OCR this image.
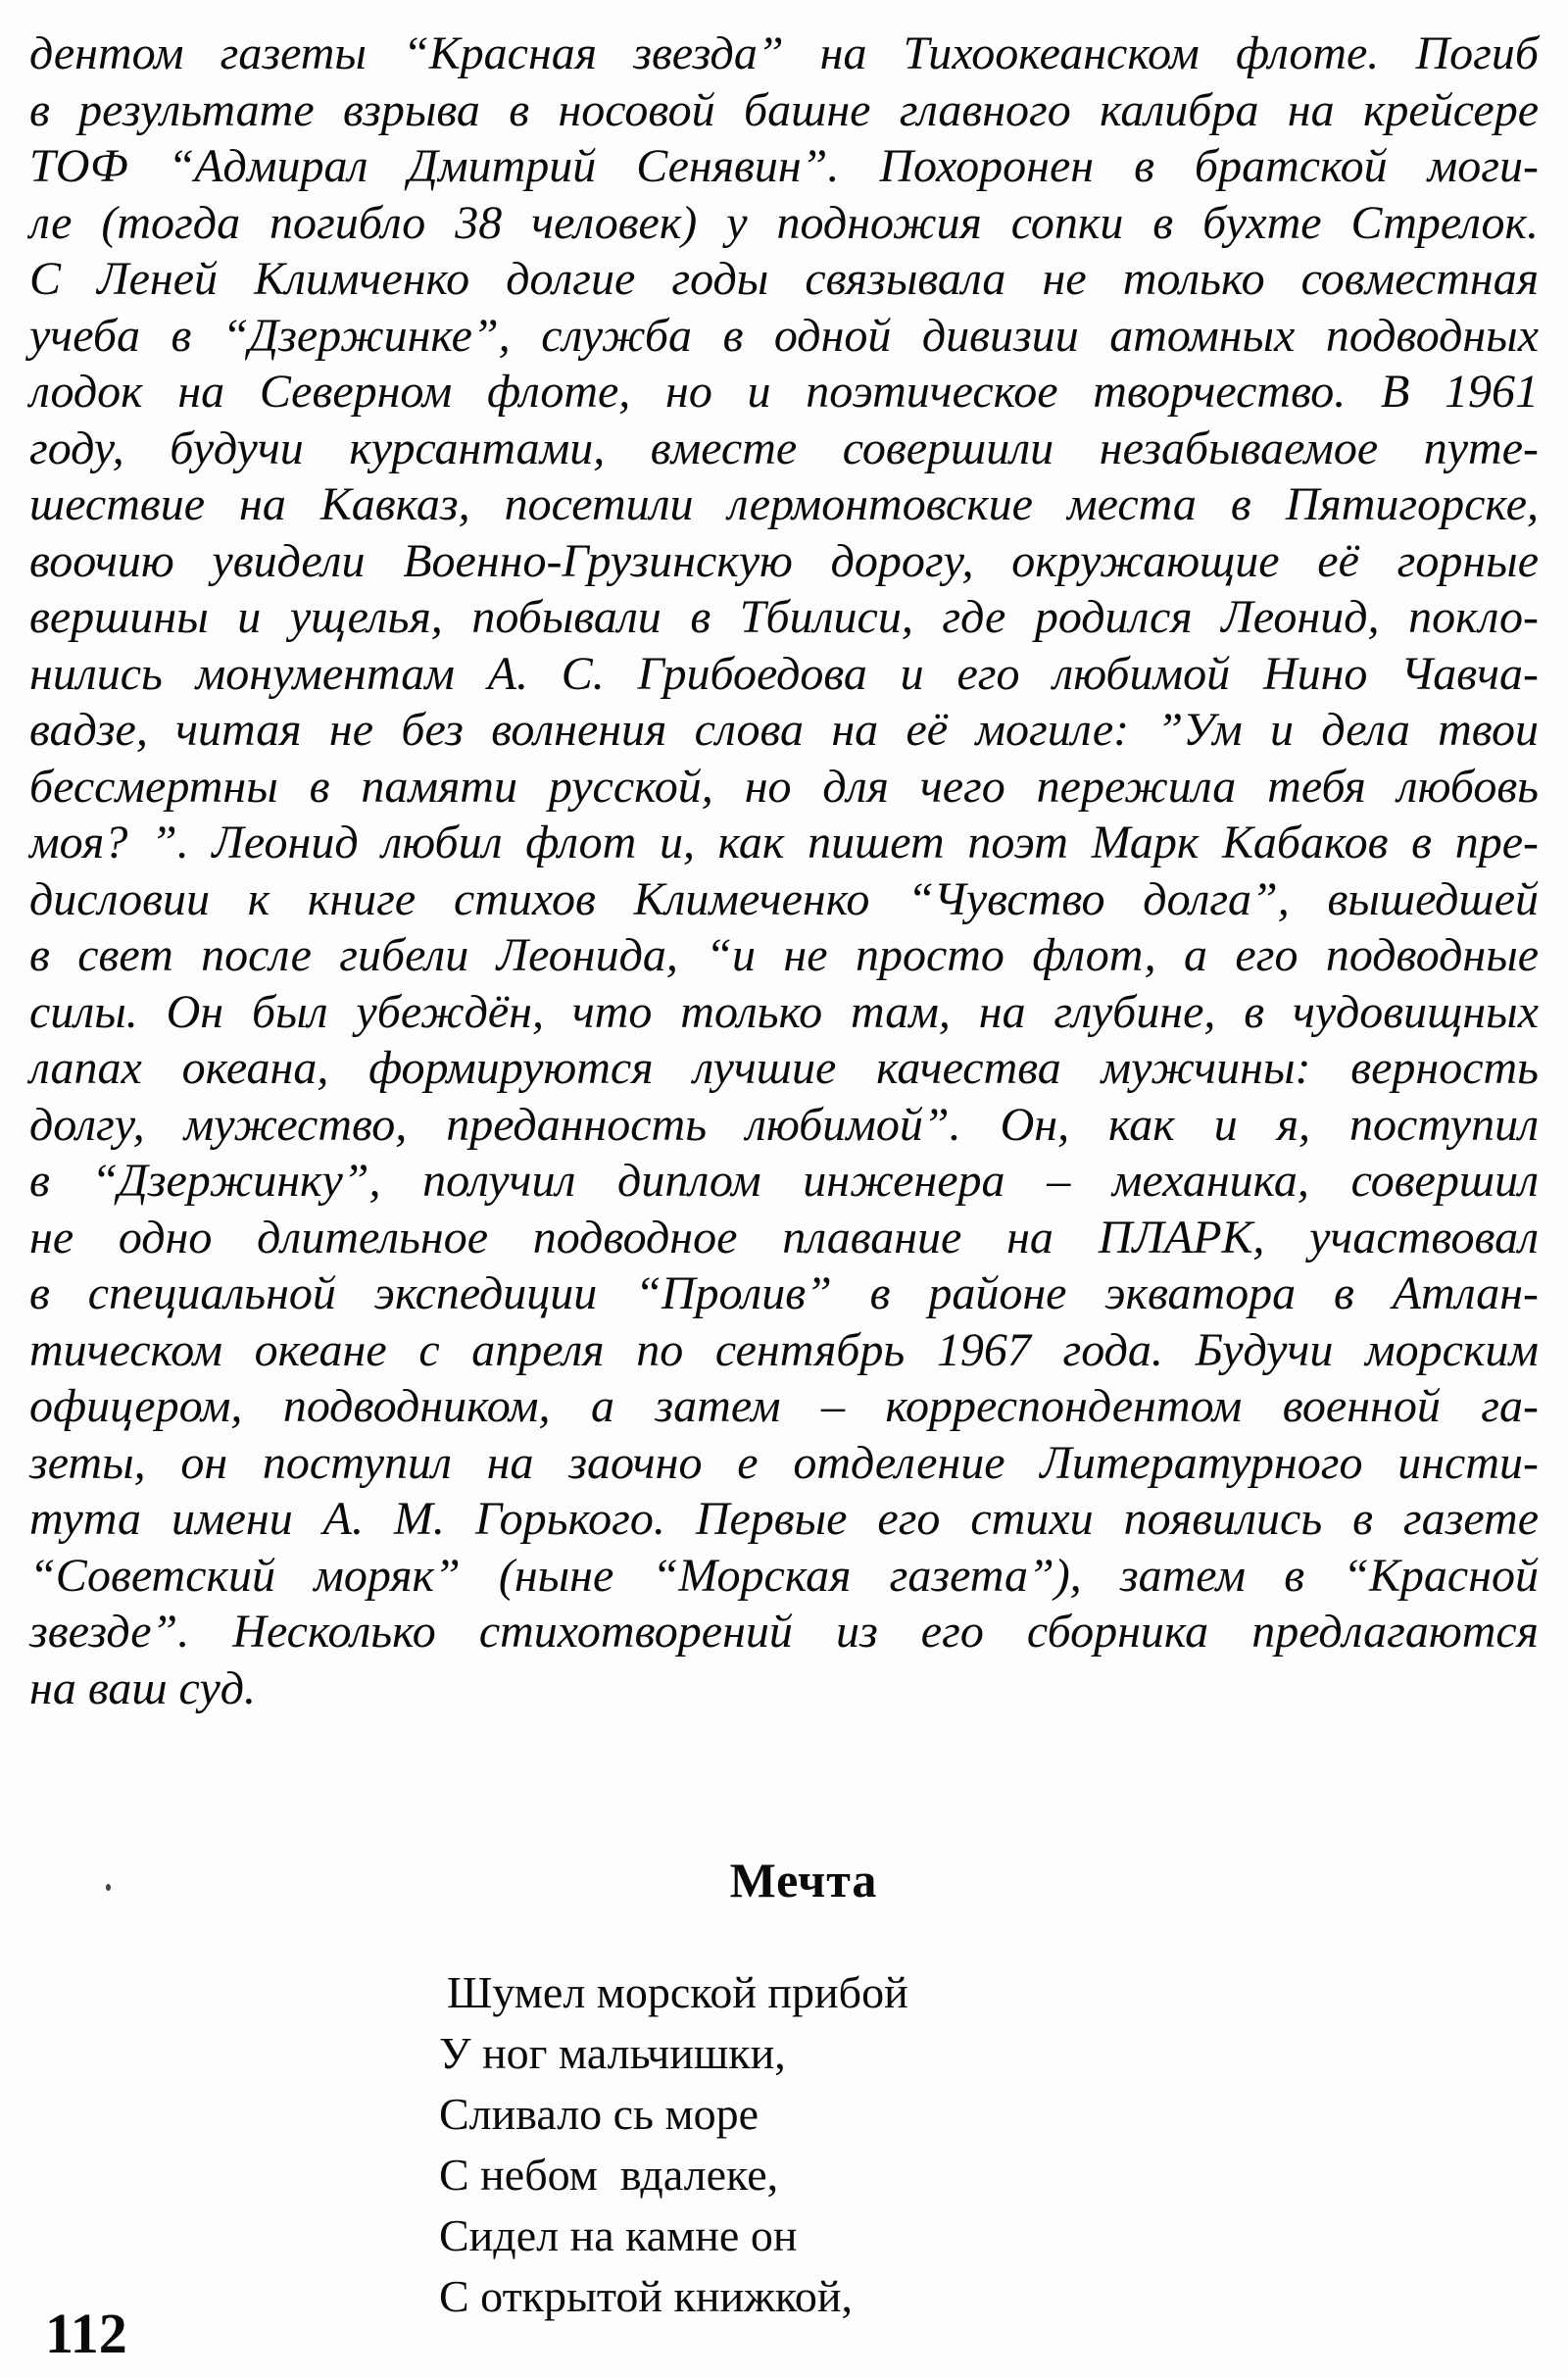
дентом газеты “Красная звезда” на Тихоокеанском флоте. Погиб
в результате взрыва в носовой башне главного калибра на крейсере
ТОФ “Адмирал Дмитрий Сенявин”. Похоронен в братской моги-
ле (тогда погибло 38 человек) у подножия сопки в бухте Стрелок.
С Леней Климченко долгие годы связывала не только совместная
учеба в “Дзержинке”, служба в одной дивизии атомных подводных
лодок на Северном флоте, но и поэтическое творчество. В 1961
году, будучи курсантами, вместе совершили незабываемое путе-
шествие на Кавказ, посетили лермонтовские места в Пятигорске,
воочию увидели Военно-Грузинскую дорогу, окружающие её горные
вершины и ущелья, побывали в Тбилиси, где родился Леонид, покло-
нились монументам А. С. Грибоедова и его любимой Нино Чавча-
вадзе, читая не без волнения слова на её могиле: ”Ум и дела твои
бессмертны в памяти русской, но для чего пережила тебя любовь
моя? ”. Леонид любил флот и, как пишет поэт Марк Кабаков в пре-
дисловии к книге стихов Климеченко “Чувство долга”, вышедшей
в свет после гибели Леонида, “и не просто флот, а его подводные
силы. Он был убеждён, что только там, на глубине, в чудовищных
лапах океана, формируются лучшие качества мужчины: верность
долгу, мужество, преданность любимой”. Он, как и я, поступил
в “Дзержинку”, получил диплом инженера – механика, совершил
не одно длительное подводное плавание на ПЛАРК, участвовал
в специальной экспедиции “Пролив” в районе экватора в Атлан-
тическом океане с апреля по сентябрь 1967 года. Будучи морским
офицером, подводником, а затем – корреспондентом военной га-
зеты, он поступил на заочно е отделение Литературного инсти-
тута имени А. М. Горького. Первые его стихи появились в газете
“Советский моряк” (ныне “Морская газета”), затем в “Красной
звезде”. Несколько стихотворений из его сборника предлагаются
на ваш суд.
Мечта
Шумел морской прибой
У ног мальчишки,
Сливало сь море
С небом  вдалеке,
Сидел на камне он
С открытой книжкой,
112
